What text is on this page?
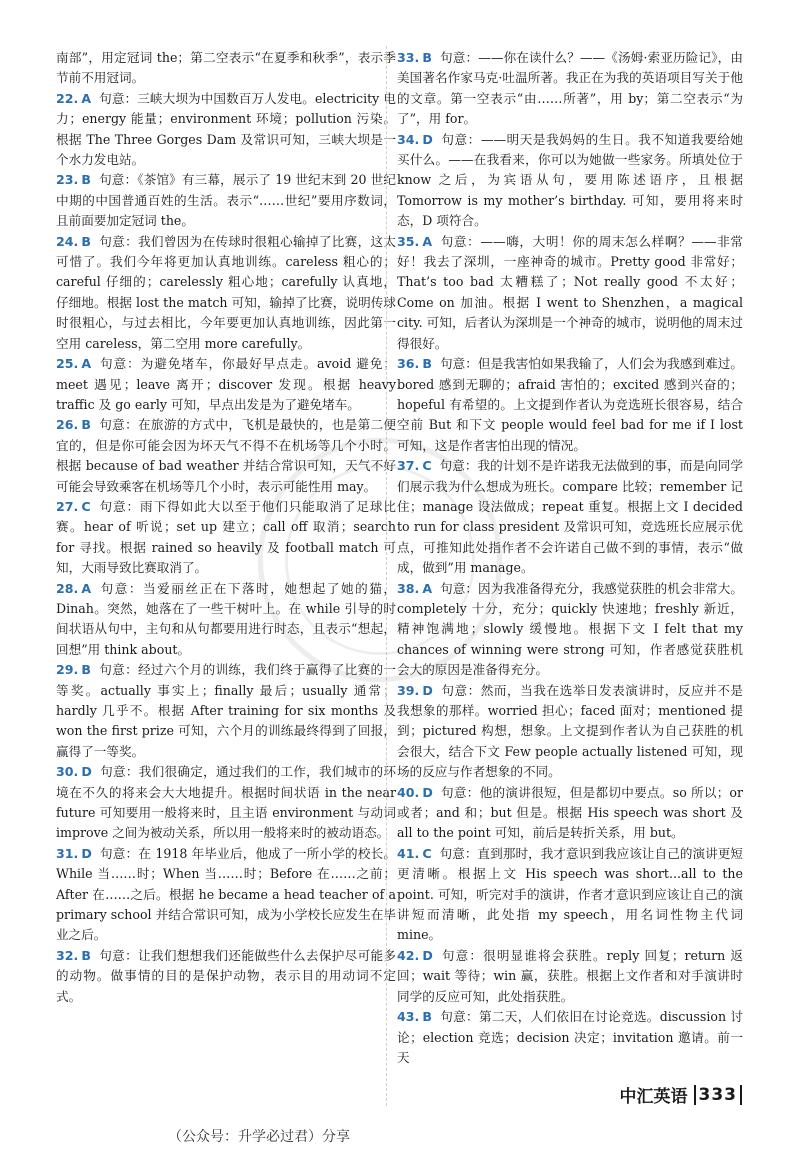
南部”，用定冠词 the；第二空表示“在夏季和秋季”，表示季节前不用冠词。

22. A 句意：三峡大坝为中国数百万人发电。electricity 电力；energy 能量；environment 环境；pollution 污染。根据 The Three Gorges Dam 及常识可知，三峡大坝是一个水力发电站。

23. B 句意：《茶馆》有三幕，展示了 19 世纪末到 20 世纪中期的中国普通百姓的生活。表示“……世纪”要用序数词，且前面要加定冠词 the。

24. B 句意：我们曾因为在传球时很粗心输掉了比赛，这太可惜了。我们今年将更加认真地训练。careless 粗心的；careful 仔细的；carelessly 粗心地；carefully 认真地，仔细地。根据 lost the match 可知，输掉了比赛，说明传球时很粗心，与过去相比，今年要更加认真地训练，因此第一空用 careless，第二空用 more carefully。

25. A 句意：为避免堵车，你最好早点走。avoid 避免；meet 遇见；leave 离开；discover 发现。根据 heavy traffic 及 go early 可知，早点出发是为了避免堵车。

26. B 句意：在旅游的方式中，飞机是最快的，也是第二便宜的，但是你可能会因为坏天气不得不在机场等几个小时。根据 because of bad weather 并结合常识可知，天气不好可能会导致乘客在机场等几个小时，表示可能性用 may。

27. C 句意：雨下得如此大以至于他们只能取消了足球比赛。hear of 听说；set up 建立；call off 取消；search for 寻找。根据 rained so heavily 及 football match 可知，大雨导致比赛取消了。

28. A 句意：当爱丽丝正在下落时，她想起了她的猫，Dinah。突然，她落在了一些干树叶上。在 while 引导的时间状语从句中，主句和从句都要用进行时态，且表示“想起，回想”用 think about。

29. B 句意：经过六个月的训练，我们终于赢得了比赛的一等奖。actually 事实上；finally 最后；usually 通常；hardly 几乎不。根据 After training for six months 及 won the first prize 可知，六个月的训练最终得到了回报，赢得了一等奖。

30. D 句意：我们很确定，通过我们的工作，我们城市的环境在不久的将来会大大地提升。根据时间状语 in the near future 可知要用一般将来时，且主语 environment 与动词 improve 之间为被动关系，所以用一般将来时的被动语态。

31. D 句意：在 1918 年毕业后，他成了一所小学的校长。While 当……时；When 当……时；Before 在……之前；After 在……之后。根据 he became a head teacher of a primary school 并结合常识可知，成为小学校长应发生在毕业之后。

32. B 句意：让我们想想我们还能做些什么去保护尽可能多的动物。做事情的目的是保护动物，表示目的用动词不定式。

33. B 句意：——你在读什么？——《汤姆·索亚历险记》，由美国著名作家马克·吐温所著。我正在为我的英语项目写关于他的文章。第一空表示“由……所著”，用 by；第二空表示“为了”，用 for。

34. D 句意：——明天是我妈妈的生日。我不知道我要给她买什么。——在我看来，你可以为她做一些家务。所填处位于 know 之后，为宾语从句，要用陈述语序，且根据 Tomorrow is my mother’s birthday. 可知，要用将来时态，D 项符合。

35. A 句意：——嗨，大明！你的周末怎么样啊？——非常好！我去了深圳，一座神奇的城市。Pretty good 非常好；That’s too bad 太糟糕了；Not really good 不太好；Come on 加油。根据 I went to Shenzhen，a magical city. 可知，后者认为深圳是一个神奇的城市，说明他的周末过得很好。

36. B 句意：但是我害怕如果我输了，人们会为我感到难过。bored 感到无聊的；afraid 害怕的；excited 感到兴奋的；hopeful 有希望的。上文提到作者认为竞选班长很容易，结合空前 But 和下文 people would feel bad for me if I lost 可知，这是作者害怕出现的情况。

37. C 句意：我的计划不是许诺我无法做到的事，而是向同学们展示我为什么想成为班长。compare 比较；remember 记住；manage 设法做成；repeat 重复。根据上文 I decided to run for class president 及常识可知，竞选班长应展示优点，可推知此处指作者不会许诺自己做不到的事情，表示“做成，做到”用 manage。

38. A 句意：因为我准备得充分，我感觉获胜的机会非常大。completely 十分，充分；quickly 快速地；freshly 新近，精神饱满地；slowly 缓慢地。根据下文 I felt that my chances of winning were strong 可知，作者感觉获胜机会大的原因是准备得充分。

39. D 句意：然而，当我在选举日发表演讲时，反应并不是我想象的那样。worried 担心；faced 面对；mentioned 提到；pictured 构想，想象。上文提到作者认为自己获胜的机会很大，结合下文 Few people actually listened 可知，现场的反应与作者想象的不同。

40. D 句意：他的演讲很短，但是都切中要点。so 所以；or 或者；and 和；but 但是。根据 His speech was short 及 all to the point 可知，前后是转折关系，用 but。

41. C 句意：直到那时，我才意识到我应该让自己的演讲更短更清晰。根据上文 His speech was short...all to the point. 可知，听完对手的演讲，作者才意识到应该让自己的演讲短而清晰，此处指 my speech，用名词性物主代词 mine。

42. D 句意：很明显谁将会获胜。reply 回复；return 返回；wait 等待；win 赢，获胜。根据上文作者和对手演讲时同学的反应可知，此处指获胜。

43. B 句意：第二天，人们依旧在讨论竞选。discussion 讨论；election 竞选；decision 决定；invitation 邀请。前一天

中汇英语 333
（公众号：升学必过君）分享
